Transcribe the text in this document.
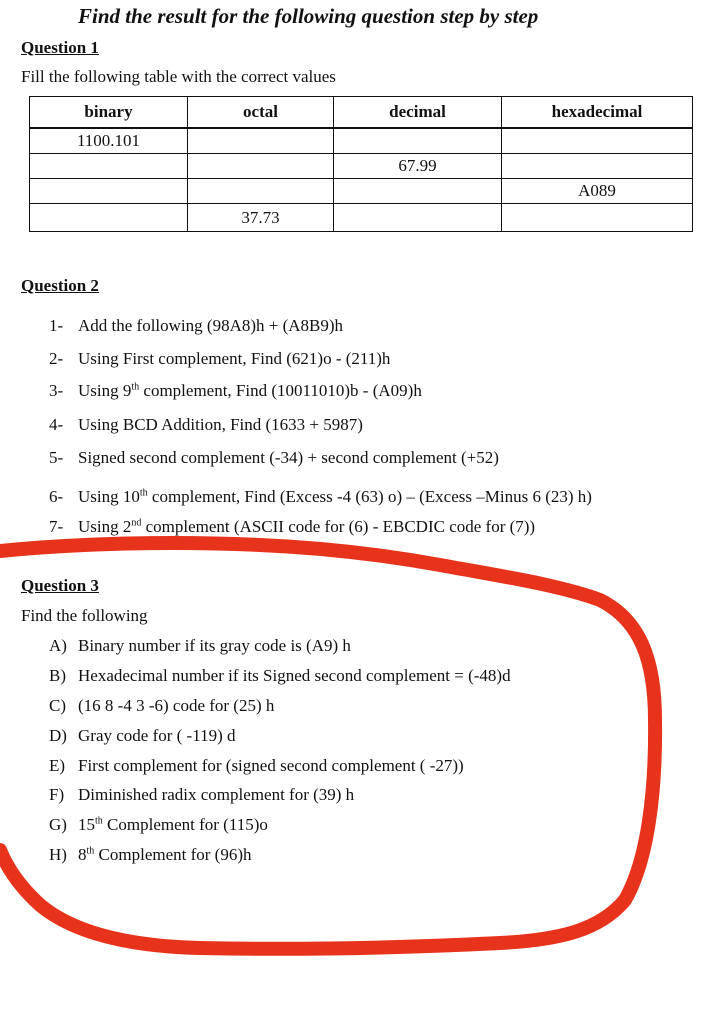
Find the result for the following question step by step
Question 1
Fill the following table with the correct values
binary	octal	decimal	hexadecimal
1100.101			
		67.99	
			A089
	37.73		
Question 2
1- Add the following (98A8)h + (A8B9)h
2- Using First complement, Find (621)o - (211)h
3- Using 9th complement, Find (10011010)b - (A09)h
4- Using BCD Addition, Find (1633 + 5987)
5- Signed second complement (-34) + second complement (+52)
6- Using 10th complement, Find (Excess -4 (63) o) – (Excess –Minus 6 (23) h)
7- Using 2nd complement (ASCII code for (6) - EBCDIC code for (7))
Question 3
Find the following
A) Binary number if its gray code is (A9) h
B) Hexadecimal number if its Signed second complement = (-48)d
C) (16 8 -4 3 -6) code for (25) h
D) Gray code for ( -119) d
E) First complement for (signed second complement ( -27))
F) Diminished radix complement for (39) h
G) 15th Complement for (115)o
H) 8th Complement for (96)h
